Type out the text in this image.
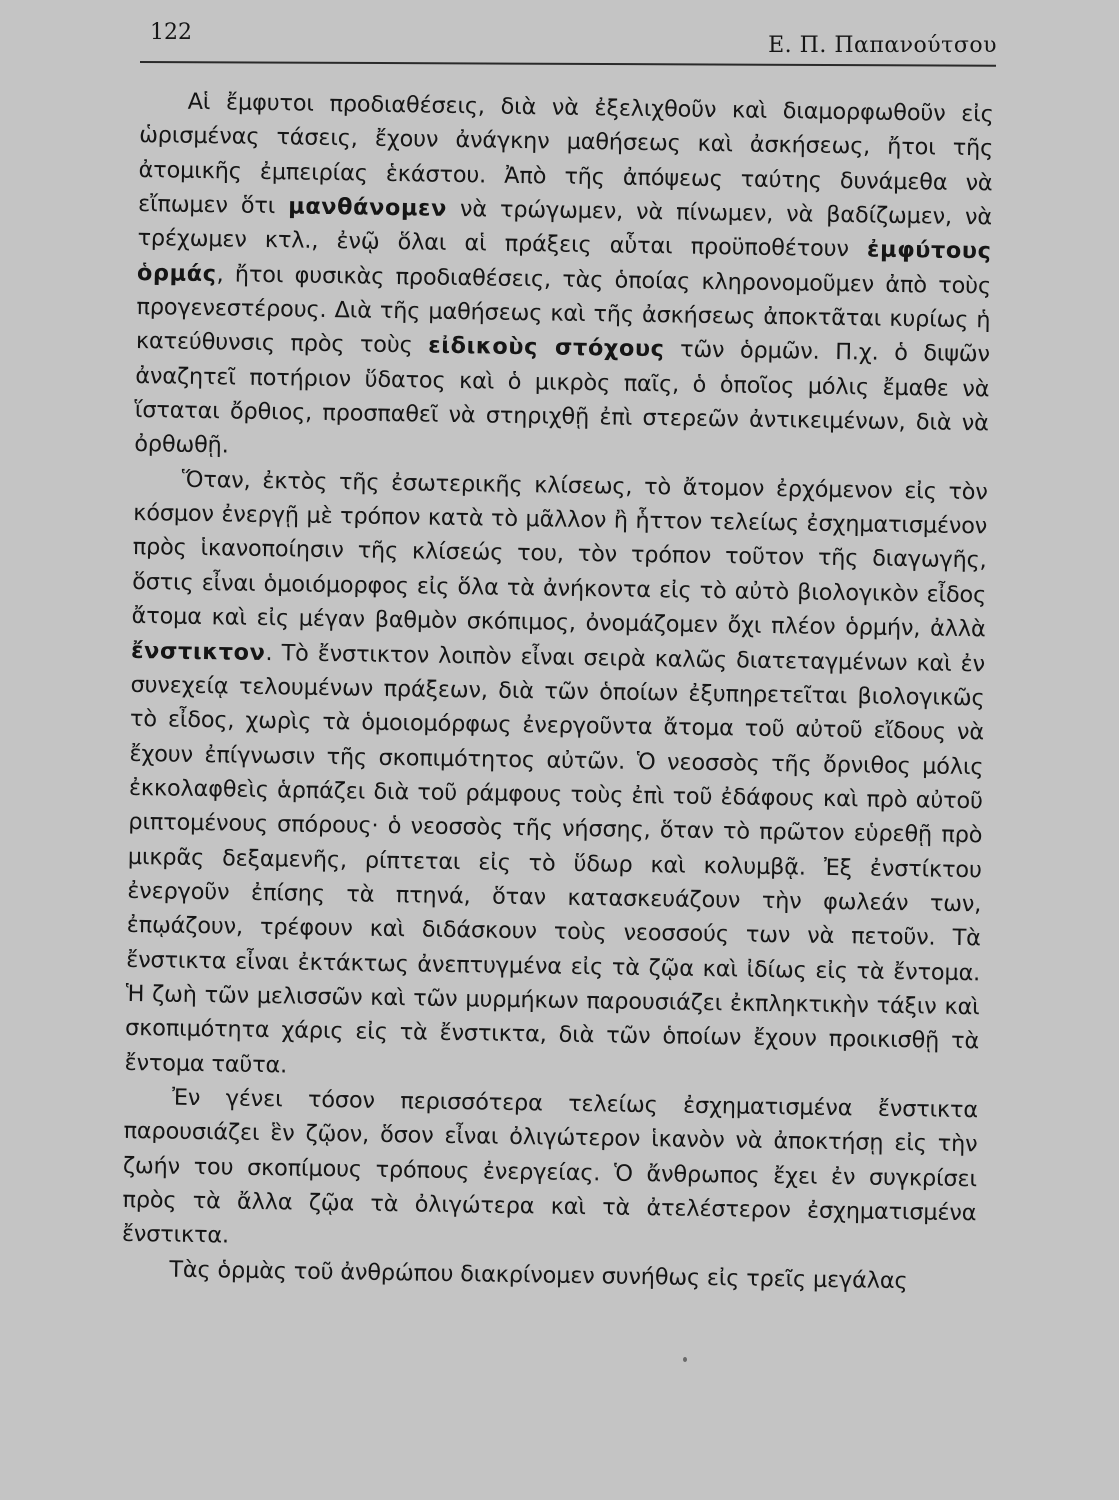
122
Ε. Π. Παπανούτσου

Αἱ ἔμφυτοι προδιαθέσεις, διὰ νὰ ἐξελιχθοῦν καὶ διαμορφωθοῦν εἰς ὡρισμένας τάσεις, ἔχουν ἀνάγκην μαθήσεως καὶ ἀσκήσεως, ἤτοι τῆς ἀτομικῆς ἐμπειρίας ἑκάστου. Ἀπὸ τῆς ἀπόψεως ταύτης δυνάμεθα νὰ εἴπωμεν ὅτι μανθάνομεν νὰ τρώγωμεν, νὰ πίνωμεν, νὰ βαδίζωμεν, νὰ τρέχωμεν κτλ., ἐνῷ ὅλαι αἱ πράξεις αὗται προϋποθέτουν ἐμφύτους ὁρμάς, ἤτοι φυσικὰς προδιαθέσεις, τὰς ὁποίας κληρονομοῦμεν ἀπὸ τοὺς προγενεστέρους. Διὰ τῆς μαθήσεως καὶ τῆς ἀσκήσεως ἀποκτᾶται κυρίως ἡ κατεύθυνσις πρὸς τοὺς εἰδικοὺς στόχους τῶν ὁρμῶν. Π.χ. ὁ διψῶν ἀναζητεῖ ποτήριον ὕδατος καὶ ὁ μικρὸς παῖς, ὁ ὁποῖος μόλις ἔμαθε νὰ ἵσταται ὄρθιος, προσπαθεῖ νὰ στηριχθῇ ἐπὶ στερεῶν ἀντικειμένων, διὰ νὰ ὀρθωθῇ.

Ὅταν, ἐκτὸς τῆς ἐσωτερικῆς κλίσεως, τὸ ἄτομον ἐρχόμενον εἰς τὸν κόσμον ἐνεργῇ μὲ τρόπον κατὰ τὸ μᾶλλον ἢ ἧττον τελείως ἐσχηματισμένον πρὸς ἱκανοποίησιν τῆς κλίσεώς του, τὸν τρόπον τοῦτον τῆς διαγωγῆς, ὅστις εἶναι ὁμοιόμορφος εἰς ὅλα τὰ ἀνήκοντα εἰς τὸ αὐτὸ βιολογικὸν εἶδος ἄτομα καὶ εἰς μέγαν βαθμὸν σκόπιμος, ὀνομάζομεν ὄχι πλέον ὁρμήν, ἀλλὰ ἔνστικτον. Τὸ ἔνστικτον λοιπὸν εἶναι σειρὰ καλῶς διατεταγμένων καὶ ἐν συνεχείᾳ τελουμένων πράξεων, διὰ τῶν ὁποίων ἐξυπηρετεῖται βιολογικῶς τὸ εἶδος, χωρὶς τὰ ὁμοιομόρφως ἐνεργοῦντα ἄτομα τοῦ αὐτοῦ εἴδους νὰ ἔχουν ἐπίγνωσιν τῆς σκοπιμότητος αὐτῶν. Ὁ νεοσσὸς τῆς ὄρνιθος μόλις ἐκκολαφθεὶς ἁρπάζει διὰ τοῦ ράμφους τοὺς ἐπὶ τοῦ ἐδάφους καὶ πρὸ αὐτοῦ ριπτομένους σπόρους· ὁ νεοσσὸς τῆς νήσσης, ὅταν τὸ πρῶτον εὑρεθῇ πρὸ μικρᾶς δεξαμενῆς, ρίπτεται εἰς τὸ ὕδωρ καὶ κολυμβᾷ. Ἐξ ἐνστίκτου ἐνεργοῦν ἐπίσης τὰ πτηνά, ὅταν κατασκευάζουν τὴν φωλεάν των, ἐπῳάζουν, τρέφουν καὶ διδάσκουν τοὺς νεοσσούς των νὰ πετοῦν. Τὰ ἔνστικτα εἶναι ἐκτάκτως ἀνεπτυγμένα εἰς τὰ ζῷα καὶ ἰδίως εἰς τὰ ἔντομα. Ἡ ζωὴ τῶν μελισσῶν καὶ τῶν μυρμήκων παρουσιάζει ἐκπληκτικὴν τάξιν καὶ σκοπιμότητα χάρις εἰς τὰ ἔνστικτα, διὰ τῶν ὁποίων ἔχουν προικισθῇ τὰ ἔντομα ταῦτα.

Ἐν γένει τόσον περισσότερα τελείως ἐσχηματισμένα ἔνστικτα παρουσιάζει ἓν ζῷον, ὅσον εἶναι ὀλιγώτερον ἱκανὸν νὰ ἀποκτήσῃ εἰς τὴν ζωήν του σκοπίμους τρόπους ἐνεργείας. Ὁ ἄνθρωπος ἔχει ἐν συγκρίσει πρὸς τὰ ἄλλα ζῷα τὰ ὀλιγώτερα καὶ τὰ ἀτελέστερον ἐσχηματισμένα ἔνστικτα.

Τὰς ὁρμὰς τοῦ ἀνθρώπου διακρίνομεν συνήθως εἰς τρεῖς μεγάλας
